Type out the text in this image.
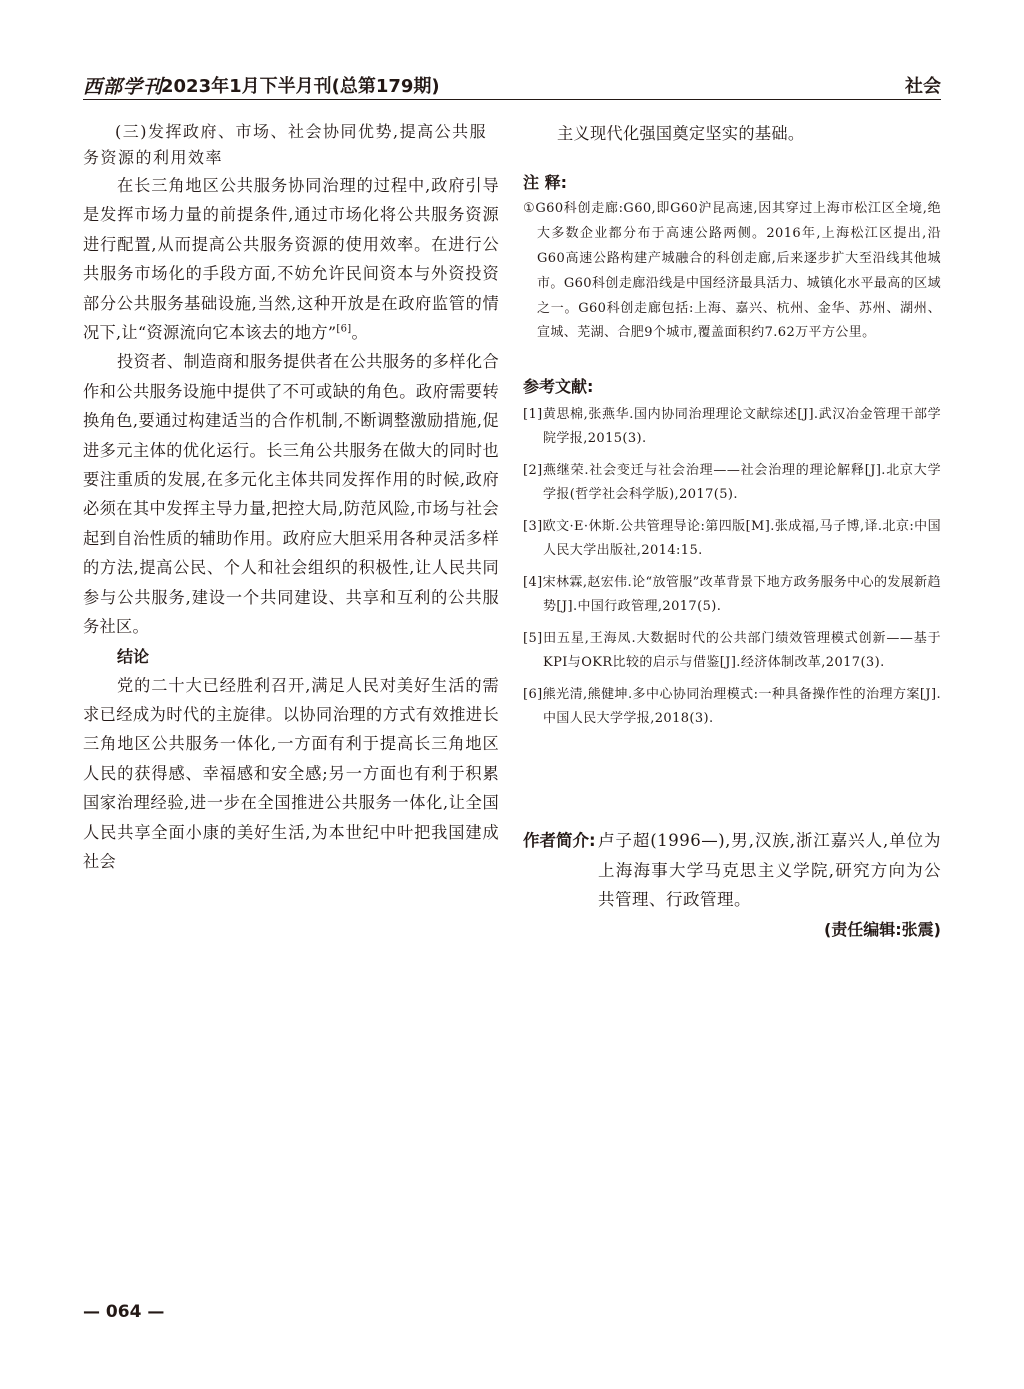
西部学刊
2023年1月下半月刊(总第179期)	社会

(三)发挥政府、市场、社会协同优势,提高公共服务资源的利用效率

在长三角地区公共服务协同治理的过程中,政府引导是发挥市场力量的前提条件,通过市场化将公共服务资源进行配置,从而提高公共服务资源的使用效率。在进行公共服务市场化的手段方面,不妨允许民间资本与外资投资部分公共服务基础设施,当然,这种开放是在政府监管的情况下,让“资源流向它本该去的地方”[6]。

投资者、制造商和服务提供者在公共服务的多样化合作和公共服务设施中提供了不可或缺的角色。政府需要转换角色,要通过构建适当的合作机制,不断调整激励措施,促进多元主体的优化运行。长三角公共服务在做大的同时也要注重质的发展,在多元化主体共同发挥作用的时候,政府必须在其中发挥主导力量,把控大局,防范风险,市场与社会起到自治性质的辅助作用。政府应大胆采用各种灵活多样的方法,提高公民、个人和社会组织的积极性,让人民共同参与公共服务,建设一个共同建设、共享和互利的公共服务社区。

结论

党的二十大已经胜利召开,满足人民对美好生活的需求已经成为时代的主旋律。以协同治理的方式有效推进长三角地区公共服务一体化,一方面有利于提高长三角地区人民的获得感、幸福感和安全感;另一方面也有利于积累国家治理经验,进一步在全国推进公共服务一体化,让全国人民共享全面小康的美好生活,为本世纪中叶把我国建成社会

主义现代化强国奠定坚实的基础。

注 释:

①G60科创走廊:G60,即G60沪昆高速,因其穿过上海市松江区全境,绝大多数企业都分布于高速公路两侧。2016年,上海松江区提出,沿G60高速公路构建产城融合的科创走廊,后来逐步扩大至沿线其他城市。G60科创走廊沿线是中国经济最具活力、城镇化水平最高的区域之一。G60科创走廊包括:上海、嘉兴、杭州、金华、苏州、湖州、宣城、芜湖、合肥9个城市,覆盖面积约7.62万平方公里。

参考文献:

[1]黄思棉,张燕华.国内协同治理理论文献综述[J].武汉冶金管理干部学院学报,2015(3).
[2]燕继荣.社会变迁与社会治理——社会治理的理论解释[J].北京大学学报(哲学社会科学版),2017(5).
[3]欧文·E·休斯.公共管理导论:第四版[M].张成福,马子博,译.北京:中国人民大学出版社,2014:15.
[4]宋林霖,赵宏伟.论“放管服”改革背景下地方政务服务中心的发展新趋势[J].中国行政管理,2017(5).
[5]田五星,王海凤.大数据时代的公共部门绩效管理模式创新——基于KPI与OKR比较的启示与借鉴[J].经济体制改革,2017(3).
[6]熊光清,熊健坤.多中心协同治理模式:一种具备操作性的治理方案[J].中国人民大学学报,2018(3).
作者简介: 卢子超(1996—),男,汉族,浙江嘉兴人,单位为上海海事大学马克思主义学院,研究方向为公共管理、行政管理。
(责任编辑:张震)
— 064 —
